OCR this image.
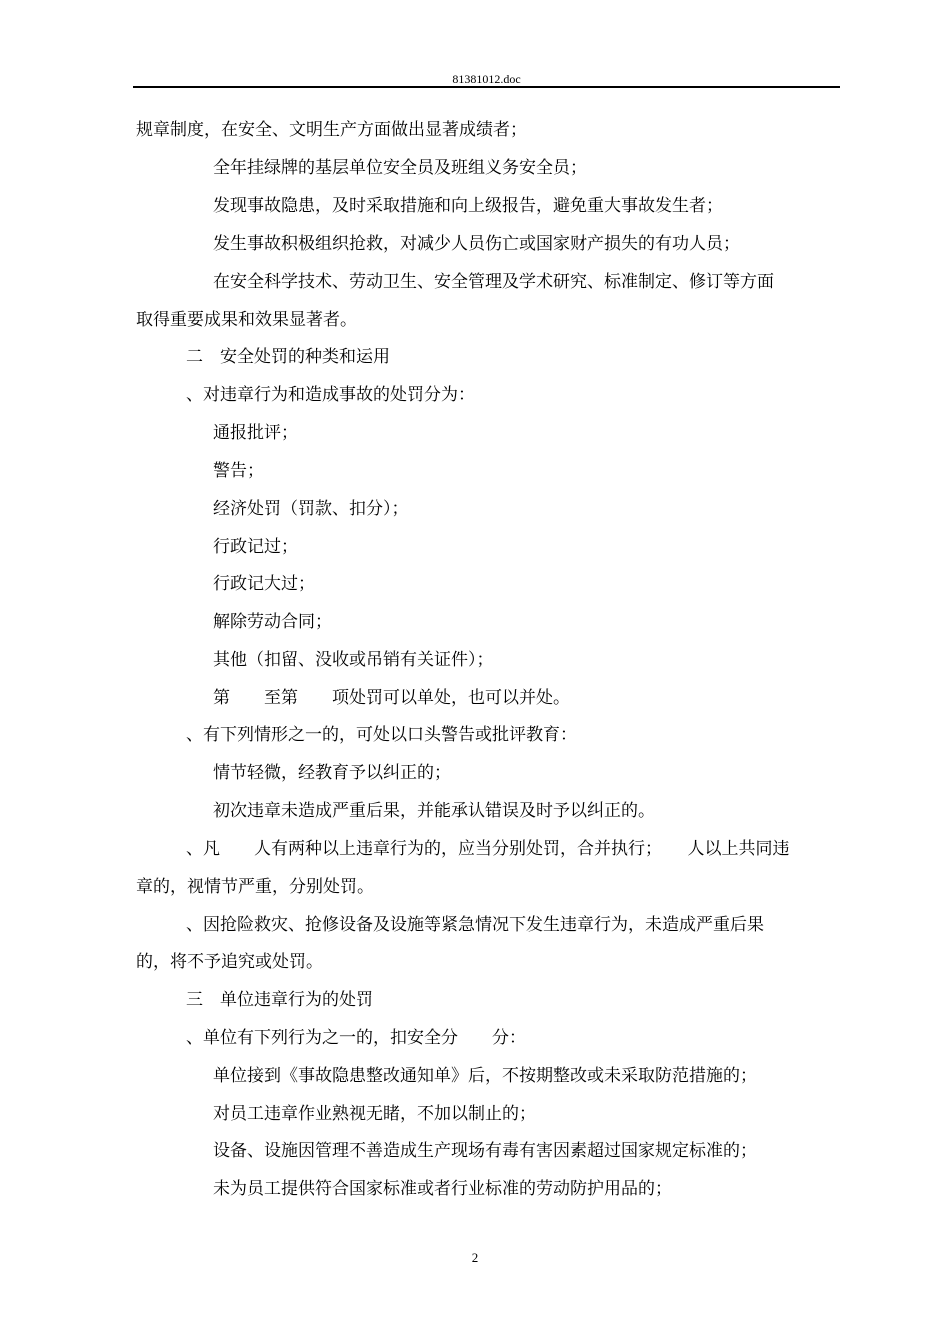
81381012.doc
规章制度，在安全、文明生产方面做出显著成绩者；
全年挂绿牌的基层单位安全员及班组义务安全员；
发现事故隐患，及时采取措施和向上级报告，避免重大事故发生者；
发生事故积极组织抢救，对减少人员伤亡或国家财产损失的有功人员；
在安全科学技术、劳动卫生、安全管理及学术研究、标准制定、修订等方面
取得重要成果和效果显著者。
二　安全处罚的种类和运用
、对违章行为和造成事故的处罚分为：
通报批评；
警告；
经济处罚（罚款、扣分）；
行政记过；
行政记大过；
解除劳动合同；
其他（扣留、没收或吊销有关证件）；
第　　至第　　项处罚可以单处，也可以并处。
、有下列情形之一的，可处以口头警告或批评教育：
情节轻微，经教育予以纠正的；
初次违章未造成严重后果，并能承认错误及时予以纠正的。
、凡　　人有两种以上违章行为的，应当分别处罚，合并执行；　　人以上共同违
章的，视情节严重，分别处罚。
、因抢险救灾、抢修设备及设施等紧急情况下发生违章行为，未造成严重后果
的，将不予追究或处罚。
三　单位违章行为的处罚
、单位有下列行为之一的，扣安全分　　分：
单位接到《事故隐患整改通知单》后，不按期整改或未采取防范措施的；
对员工违章作业熟视无睹，不加以制止的；
设备、设施因管理不善造成生产现场有毒有害因素超过国家规定标准的；
未为员工提供符合国家标准或者行业标准的劳动防护用品的；
2
